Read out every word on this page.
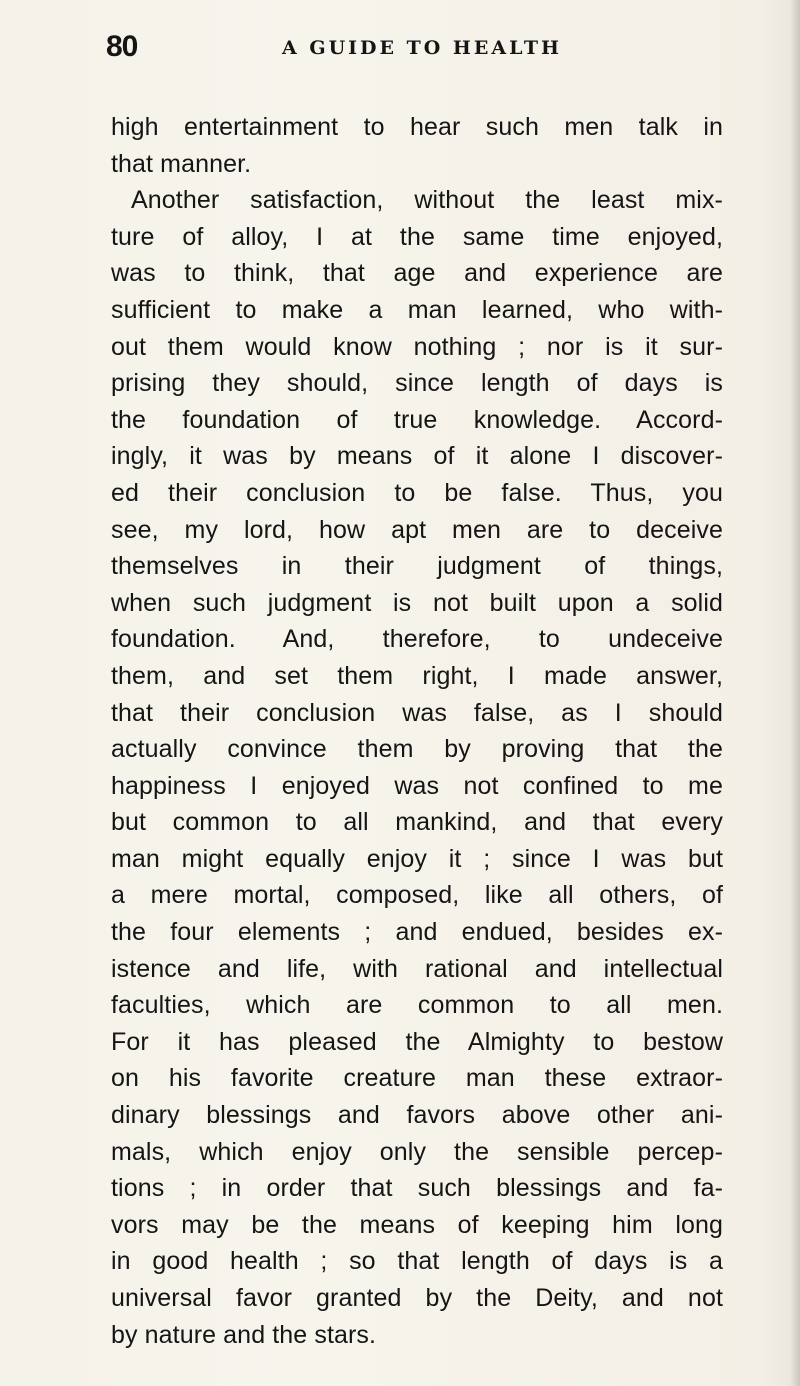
80	A GUIDE TO HEALTH
high entertainment to hear such men talk in
that manner.
Another satisfaction, without the least mix-
ture of alloy, I at the same time enjoyed,
was to think, that age and experience are
sufficient to make a man learned, who with-
out them would know nothing ; nor is it sur-
prising they should, since length of days is
the foundation of true knowledge. Accord-
ingly, it was by means of it alone I discover-
ed their conclusion to be false. Thus, you
see, my lord, how apt men are to deceive
themselves in their judgment of things,
when such judgment is not built upon a solid
foundation. And, therefore, to undeceive
them, and set them right, I made answer,
that their conclusion was false, as I should
actually convince them by proving that the
happiness I enjoyed was not confined to me
but common to all mankind, and that every
man might equally enjoy it ; since I was but
a mere mortal, composed, like all others, of
the four elements ; and endued, besides ex-
istence and life, with rational and intellectual
faculties, which are common to all men.
For it has pleased the Almighty to bestow
on his favorite creature man these extraor-
dinary blessings and favors above other ani-
mals, which enjoy only the sensible percep-
tions ; in order that such blessings and fa-
vors may be the means of keeping him long
in good health ; so that length of days is a
universal favor granted by the Deity, and not
by nature and the stars.
